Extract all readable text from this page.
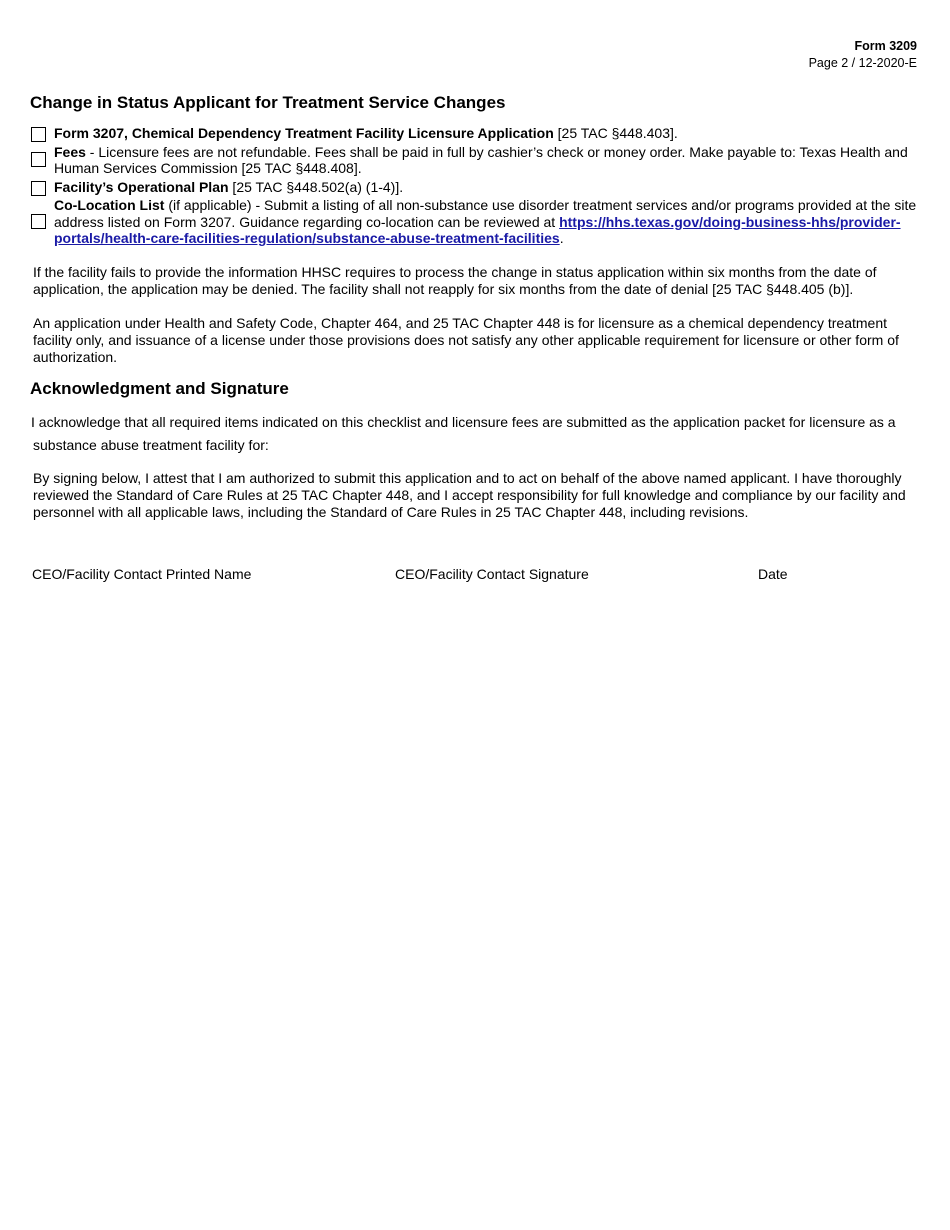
Form 3209
Page 2 / 12-2020-E
Change in Status Applicant for Treatment Service Changes
Form 3207, Chemical Dependency Treatment Facility Licensure Application [25 TAC §448.403].
Fees - Licensure fees are not refundable. Fees shall be paid in full by cashier’s check or money order. Make payable to: Texas Health and Human Services Commission [25 TAC §448.408].
Facility’s Operational Plan [25 TAC §448.502(a) (1-4)].
Co-Location List (if applicable) - Submit a listing of all non-substance use disorder treatment services and/or programs provided at the site address listed on Form 3207. Guidance regarding co-location can be reviewed at https://hhs.texas.gov/doing-business-hhs/provider-portals/health-care-facilities-regulation/substance-abuse-treatment-facilities.

If the facility fails to provide the information HHSC requires to process the change in status application within six months from the date of application, the application may be denied. The facility shall not reapply for six months from the date of denial [25 TAC §448.405 (b)].

An application under Health and Safety Code, Chapter 464, and 25 TAC Chapter 448 is for licensure as a chemical dependency treatment facility only, and issuance of a license under those provisions does not satisfy any other applicable requirement for licensure or other form of authorization.

Acknowledgment and Signature

I acknowledge that all required items indicated on this checklist and licensure fees are submitted as the application packet for licensure as a

substance abuse treatment facility for:

By signing below, I attest that I am authorized to submit this application and to act on behalf of the above named applicant. I have thoroughly reviewed the Standard of Care Rules at 25 TAC Chapter 448, and I accept responsibility for full knowledge and compliance by our facility and personnel with all applicable laws, including the Standard of Care Rules in 25 TAC Chapter 448, including revisions.

CEO/Facility Contact Printed Name	CEO/Facility Contact Signature	Date
